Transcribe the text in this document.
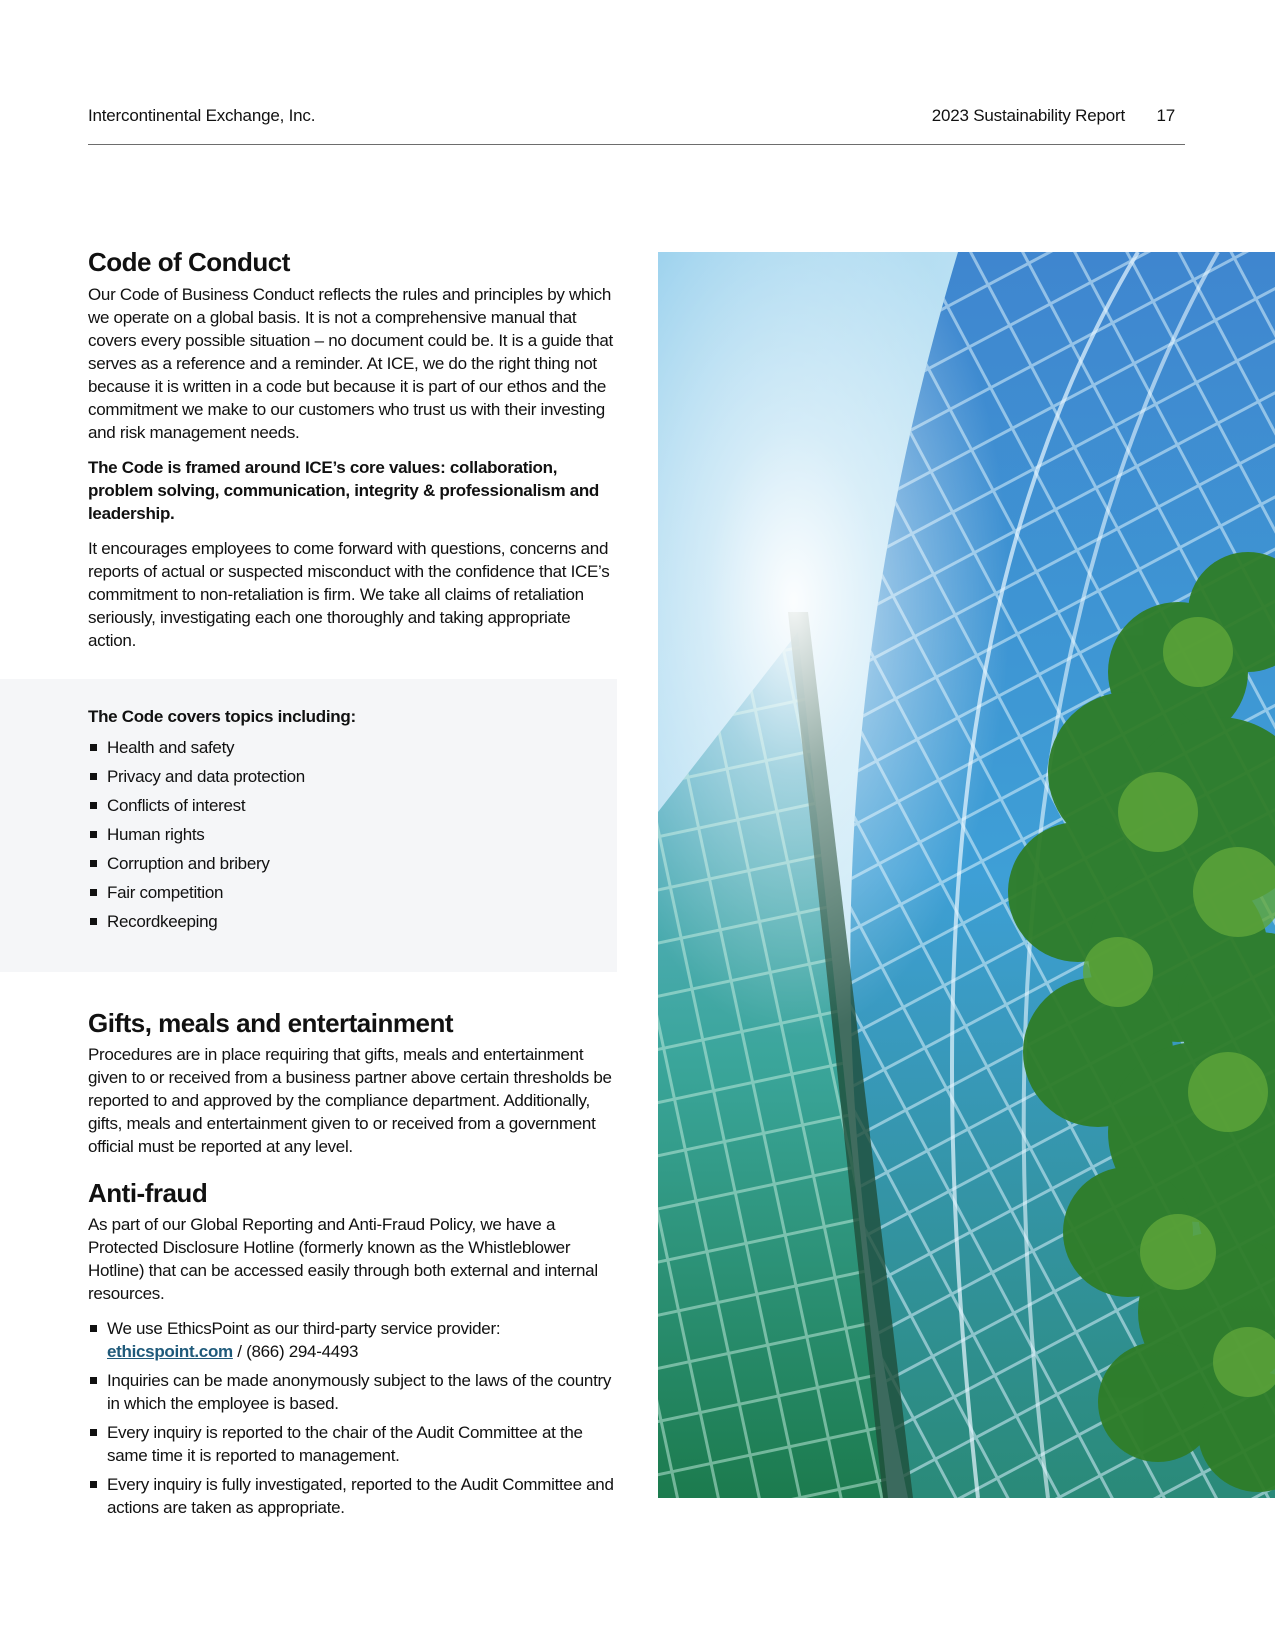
Intercontinental Exchange, Inc.	2023 Sustainability Report 17
Code of Conduct

Our Code of Business Conduct reflects the rules and principles by which we operate on a global basis. It is not a comprehensive manual that covers every possible situation – no document could be. It is a guide that serves as a reference and a reminder. At ICE, we do the right thing not because it is written in a code but because it is part of our ethos and the commitment we make to our customers who trust us with their investing and risk management needs.

The Code is framed around ICE’s core values: collaboration, problem solving, communication, integrity & professionalism and leadership.

It encourages employees to come forward with questions, concerns and reports of actual or suspected misconduct with the confidence that ICE’s commitment to non-retaliation is firm. We take all claims of retaliation seriously, investigating each one thoroughly and taking appropriate action.

The Code covers topics including:
Health and safety
Privacy and data protection
Conflicts of interest
Human rights
Corruption and bribery
Fair competition
Recordkeeping
Gifts, meals and entertainment

Procedures are in place requiring that gifts, meals and entertainment given to or received from a business partner above certain thresholds be reported to and approved by the compliance department. Additionally, gifts, meals and entertainment given to or received from a government official must be reported at any level.

Anti-fraud

As part of our Global Reporting and Anti-Fraud Policy, we have a Protected Disclosure Hotline (formerly known as the Whistleblower Hotline) that can be accessed easily through both external and internal resources.

We use EthicsPoint as our third-party service provider:
ethicspoint.com / (866) 294-4493
Inquiries can be made anonymously subject to the laws of the country in which the employee is based.
Every inquiry is reported to the chair of the Audit Committee at the same time it is reported to management.
Every inquiry is fully investigated, reported to the Audit Committee and actions are taken as appropriate.
